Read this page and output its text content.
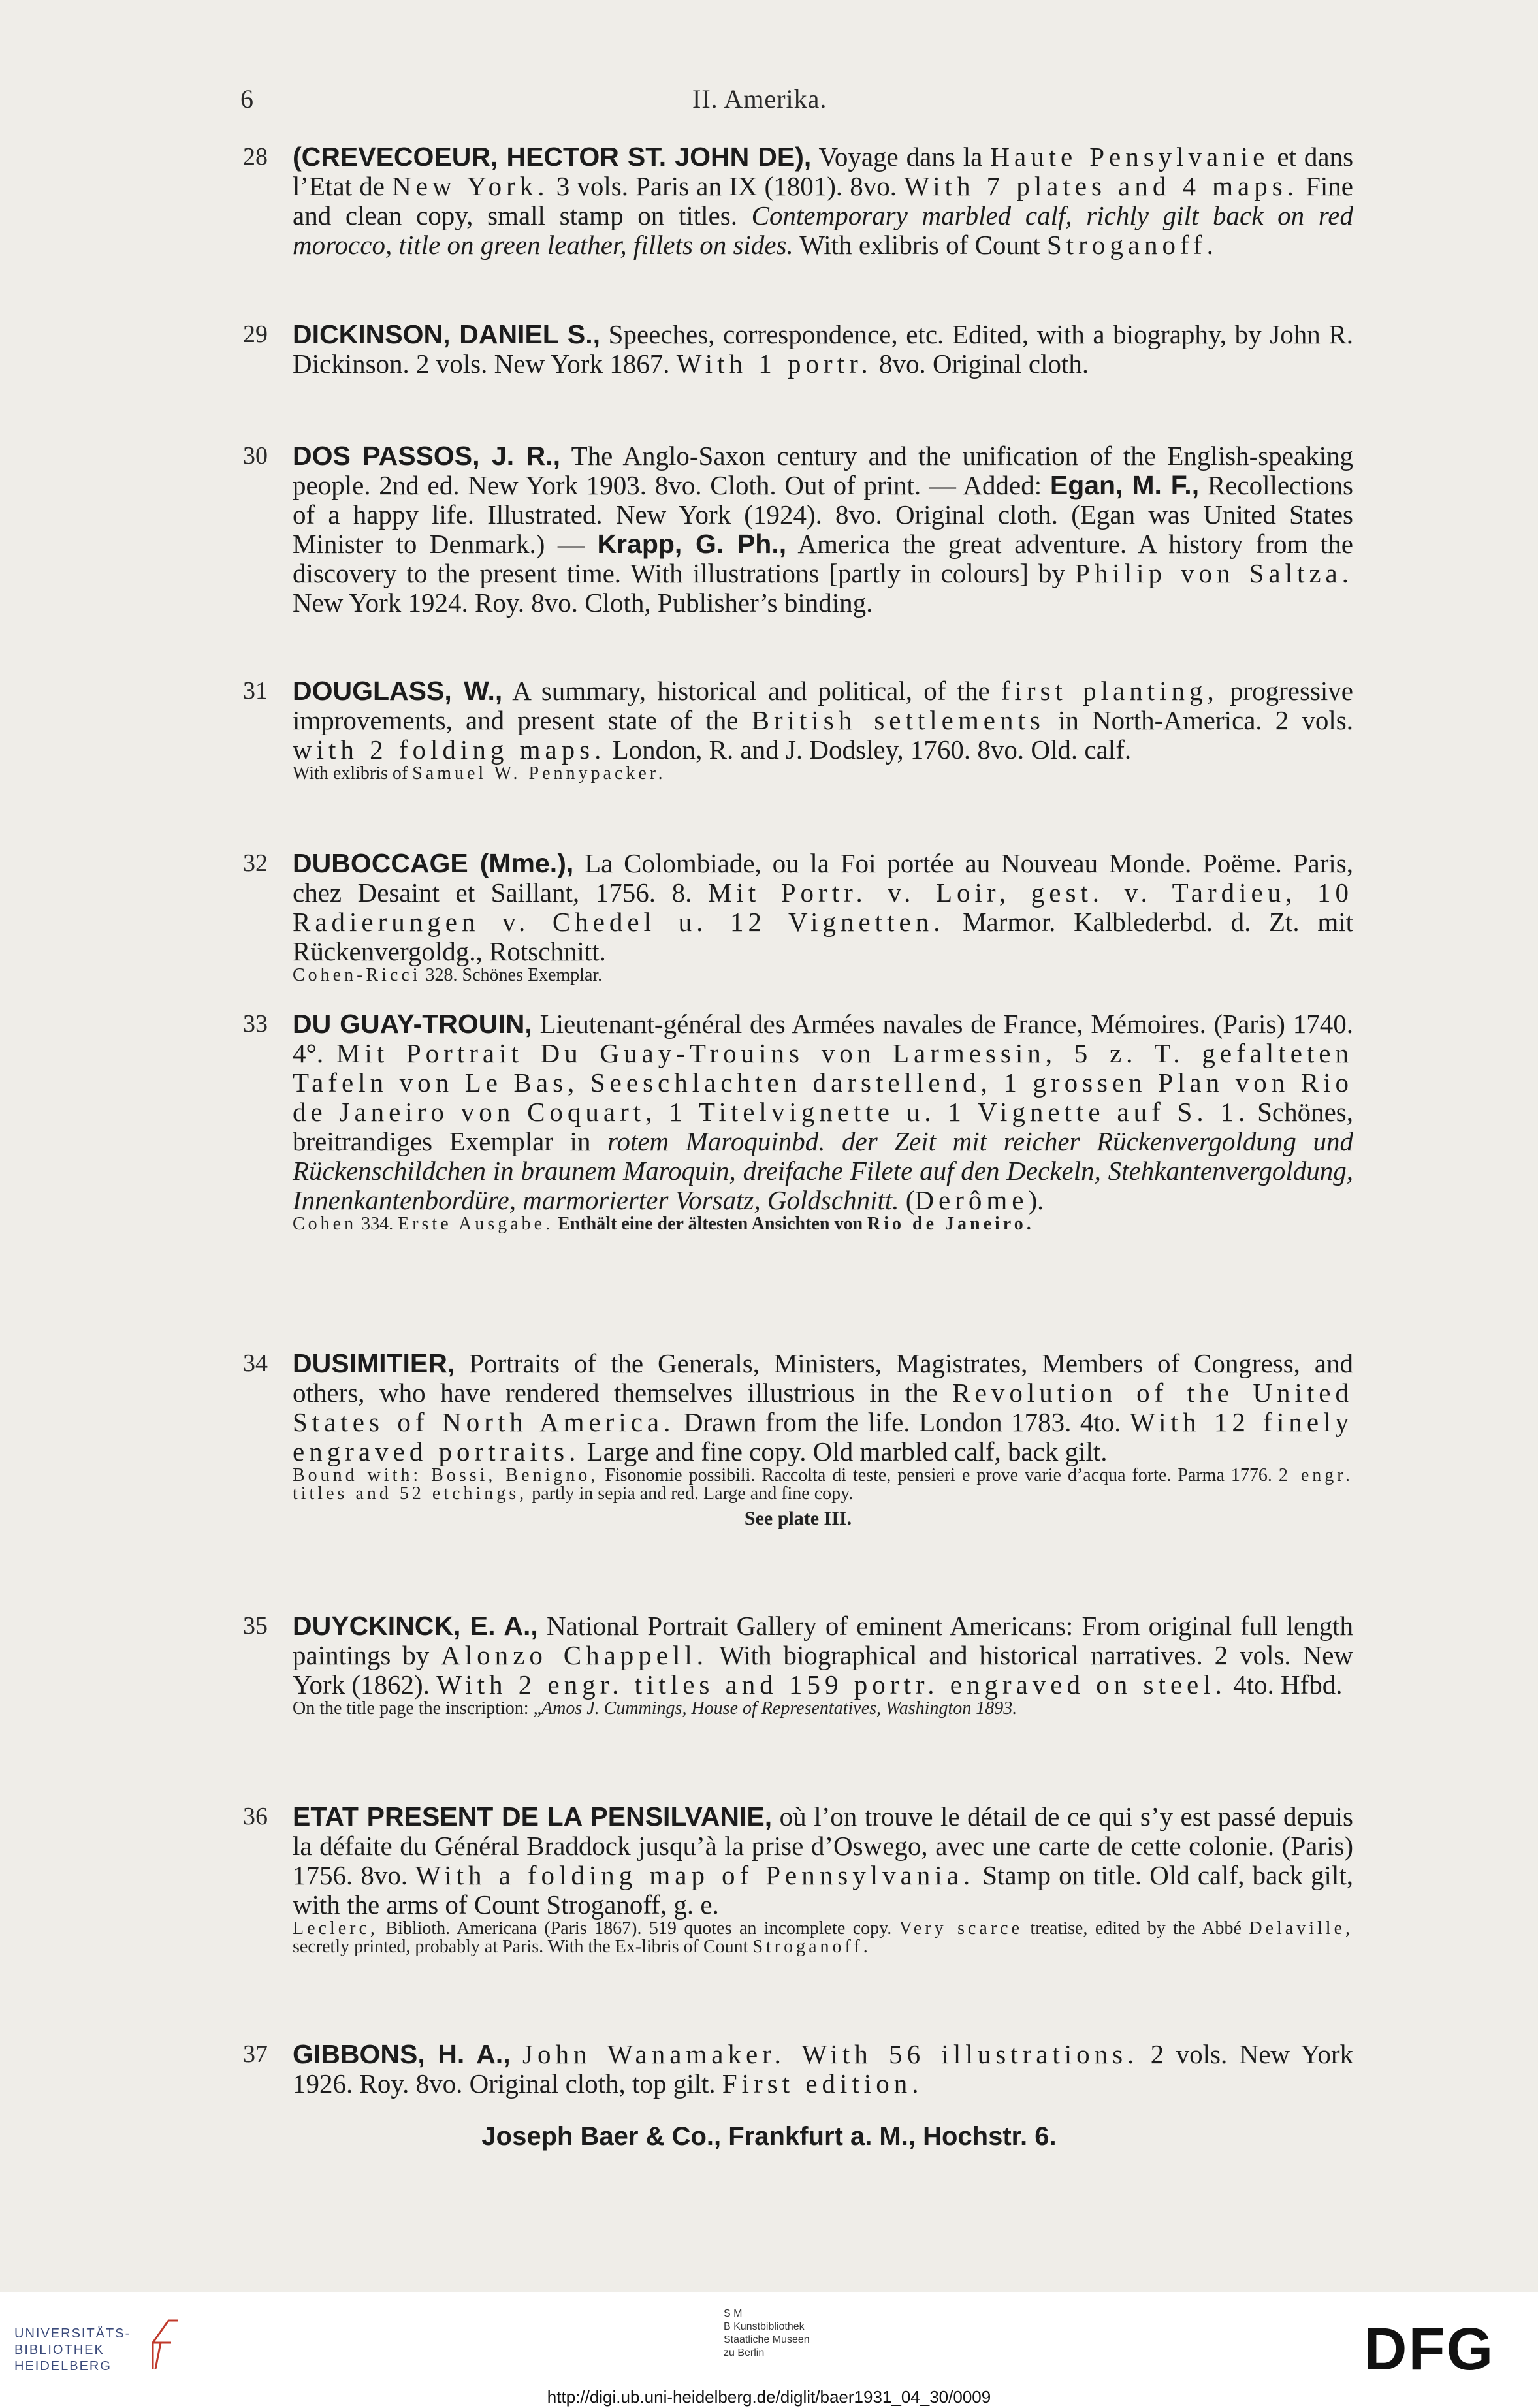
6	II. Amerika.
28 (CREVECOEUR, HECTOR ST. JOHN DE), Voyage dans la Haute Pensylvanie et dans l’Etat de New York. 3 vols. Paris an IX (1801). 8vo. With 7 plates and 4 maps. Fine and clean copy, small stamp on titles. Contemporary marbled calf, richly gilt back on red morocco, title on green leather, fillets on sides. With exlibris of Count Stroganoff.
29 DICKINSON, DANIEL S., Speeches, correspondence, etc. Edited, with a biography, by John R. Dickinson. 2 vols. New York 1867. With 1 portr. 8vo. Original cloth.
30 DOS PASSOS, J. R., The Anglo-Saxon century and the unification of the English-speaking people. 2nd ed. New York 1903. 8vo. Cloth. Out of print. — Added: Egan, M. F., Recollections of a happy life. Illustrated. New York (1924). 8vo. Original cloth. (Egan was United States Minister to Denmark.) — Krapp, G. Ph., America the great adventure. A history from the discovery to the present time. With illustrations [partly in colours] by Philip von Saltza. New York 1924. Roy. 8vo. Cloth, Publisher’s binding.
31 DOUGLASS, W., A summary, historical and political, of the first planting, progressive improvements, and present state of the British settlements in North-America. 2 vols. with 2 folding maps. London, R. and J. Dodsley, 1760. 8vo. Old. calf.
With exlibris of Samuel W. Pennypacker.
32 DUBOCCAGE (Mme.), La Colombiade, ou la Foi portée au Nouveau Monde. Poëme. Paris, chez Desaint et Saillant, 1756. 8. Mit Portr. v. Loir, gest. v. Tardieu, 10 Radierungen v. Chedel u. 12 Vignetten. Marmor. Kalblederbd. d. Zt. mit Rückenvergoldg., Rotschnitt.
Cohen-Ricci 328. Schönes Exemplar.
33 DU GUAY-TROUIN, Lieutenant-général des Armées navales de France, Mémoires. (Paris) 1740. 4°. Mit Portrait Du Guay-Trouins von Larmessin, 5 z. T. gefalteten Tafeln von Le Bas, Seeschlachten darstellend, 1 grossen Plan von Rio de Janeiro von Coquart, 1 Titelvignette u. 1 Vignette auf S. 1. Schönes, breitrandiges Exemplar in rotem Maroquinbd. der Zeit mit reicher Rückenvergoldung und Rückenschildchen in braunem Maroquin, dreifache Filete auf den Deckeln, Stehkantenvergoldung, Innenkantenbordüre, marmorierter Vorsatz, Goldschnitt. (Derôme).
Cohen 334. Erste Ausgabe. Enthält eine der ältesten Ansichten von Rio de Janeiro.
34 DUSIMITIER, Portraits of the Generals, Ministers, Magistrates, Members of Congress, and others, who have rendered themselves illustrious in the Revolution of the United States of North America. Drawn from the life. London 1783. 4to. With 12 finely engraved portraits. Large and fine copy. Old marbled calf, back gilt.
Bound with: Bossi, Benigno, Fisonomie possibili. Raccolta di teste, pensieri e prove varie d’acqua forte. Parma 1776. 2 engr. titles and 52 etchings, partly in sepia and red. Large and fine copy.
See plate III.
35 DUYCKINCK, E. A., National Portrait Gallery of eminent Americans: From original full length paintings by Alonzo Chappell. With biographical and historical narratives. 2 vols. New York (1862). With 2 engr. titles and 159 portr. engraved on steel. 4to. Hfbd.
On the title page the inscription: „Amos J. Cummings, House of Representatives, Washington 1893.
36 ETAT PRESENT DE LA PENSILVANIE, où l’on trouve le détail de ce qui s’y est passé depuis la défaite du Général Braddock jusqu’à la prise d’Oswego, avec une carte de cette colonie. (Paris) 1756. 8vo. With a folding map of Pennsylvania. Stamp on title. Old calf, back gilt, with the arms of Count Stroganoff, g. e.
Leclerc, Biblioth. Americana (Paris 1867). 519 quotes an incomplete copy. Very scarce treatise, edited by the Abbé Delaville, secretly printed, probably at Paris. With the Ex-libris of Count Stroganoff.
37 GIBBONS, H. A., John Wanamaker. With 56 illustrations. 2 vols. New York 1926. Roy. 8vo. Original cloth, top gilt. First edition.
Joseph Baer & Co., Frankfurt a. M., Hochstr. 6.
UNIVERSITÄTS-
BIBLIOTHEK
HEIDELBERG
S M
B Kunstbibliothek
Staatliche Museen
zu Berlin	DFG
http://digi.ub.uni-heidelberg.de/diglit/baer1931_04_30/0009
